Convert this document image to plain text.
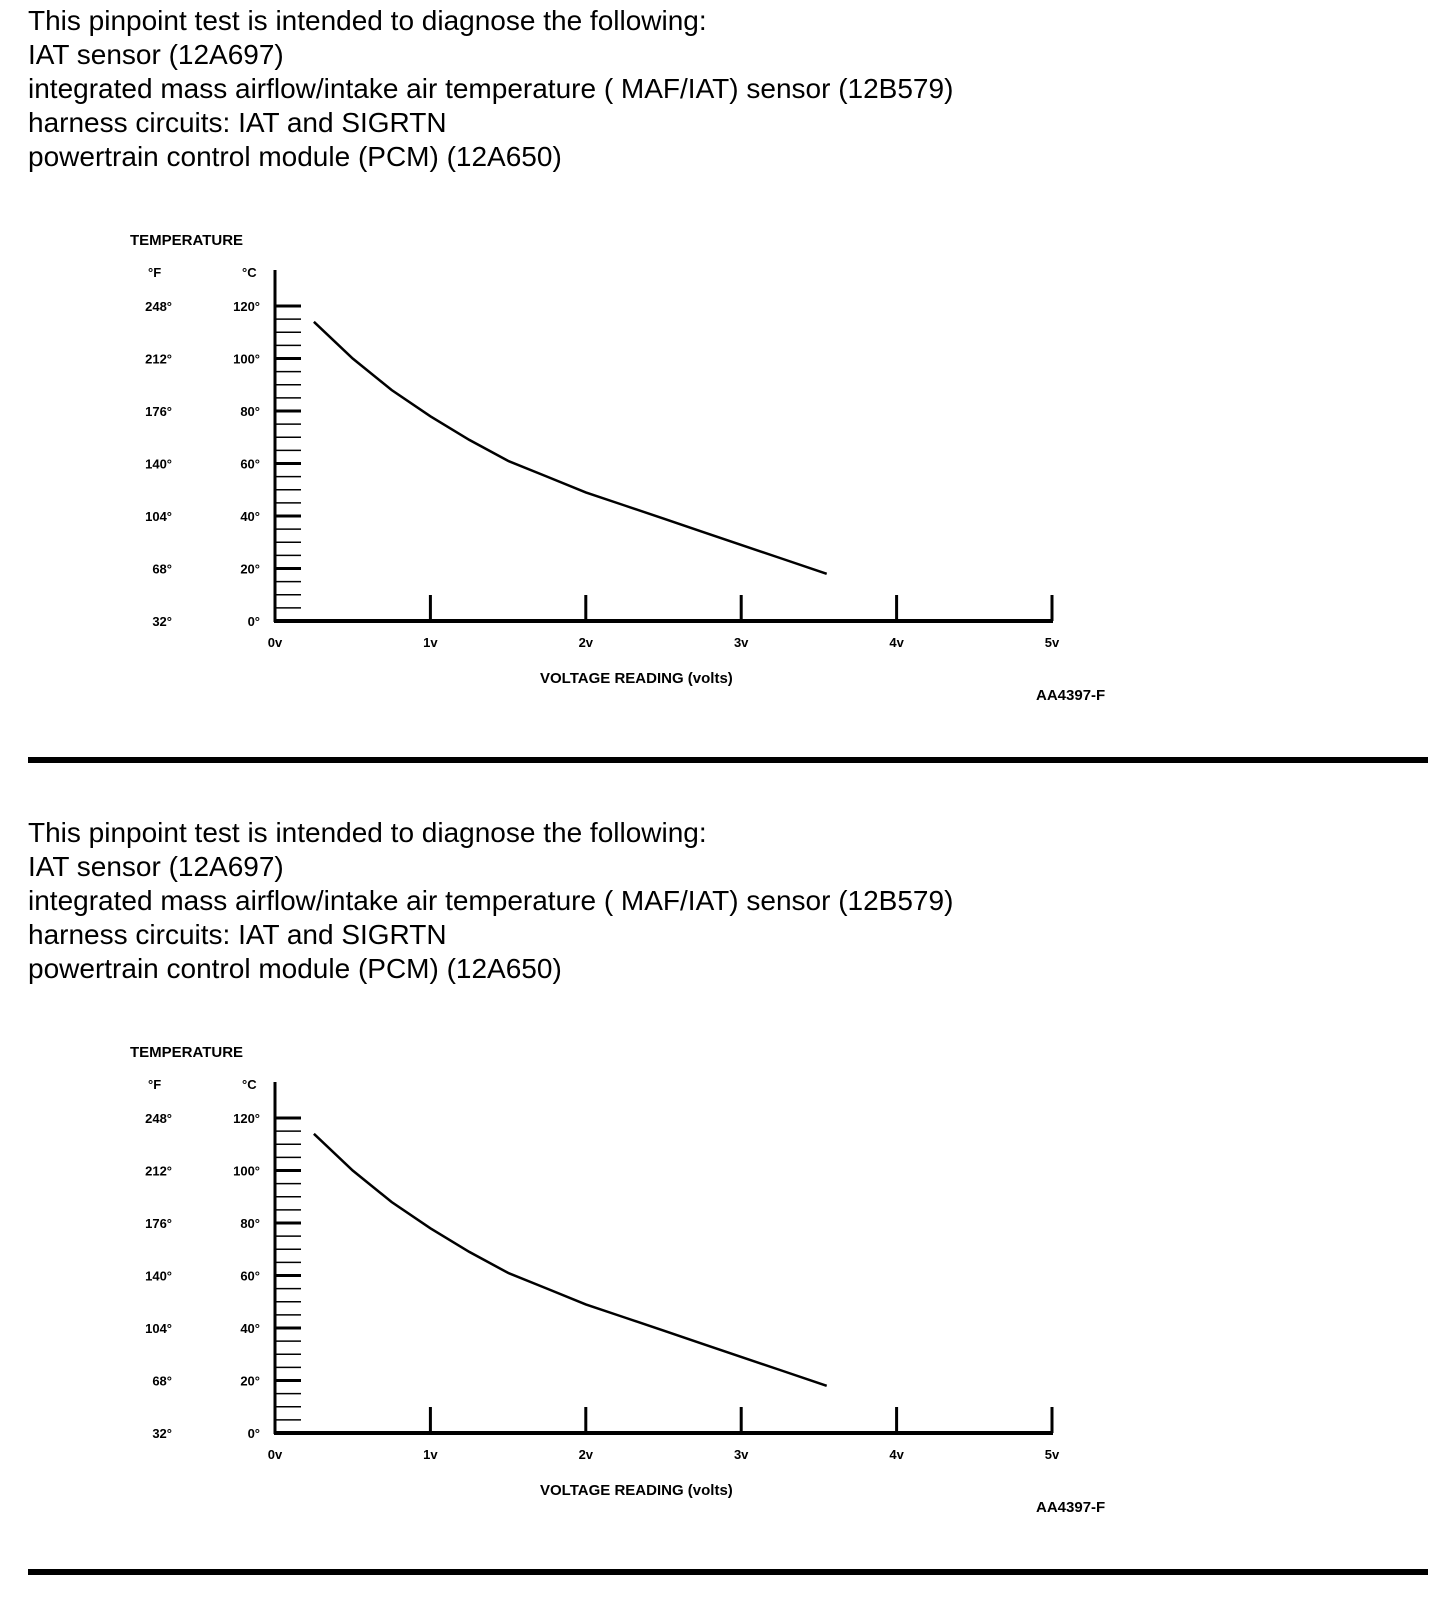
This pinpoint test is intended to diagnose the following:
IAT sensor (12A697)
integrated mass airflow/intake air temperature ( MAF/IAT) sensor (12B579)
harness circuits: IAT and SIGRTN
powertrain control module (PCM) (12A650)
TEMPERATURE
°F	°C
248°	120°
212°	100°
176°	80°
140°	60°
104°	40°
68°	20°
32°	0°
0v	1v	2v	3v	4v	5v
VOLTAGE READING (volts)
AA4397-F
This pinpoint test is intended to diagnose the following:
IAT sensor (12A697)
integrated mass airflow/intake air temperature ( MAF/IAT) sensor (12B579)
harness circuits: IAT and SIGRTN
powertrain control module (PCM) (12A650)
TEMPERATURE
°F	°C
248°	120°
212°	100°
176°	80°
140°	60°
104°	40°
68°	20°
32°	0°
0v	1v	2v	3v	4v	5v
VOLTAGE READING (volts)
AA4397-F
